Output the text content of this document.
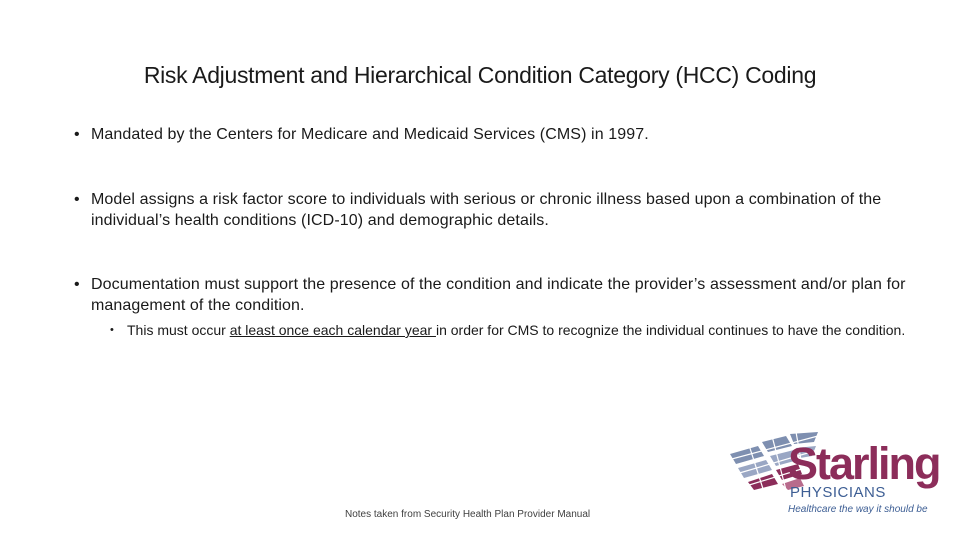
Risk Adjustment and Hierarchical Condition Category (HCC) Coding
• Mandated by the Centers for Medicare and Medicaid Services (CMS) in 1997.
• Model assigns a risk factor score to individuals with serious or chronic illness based upon a combination of the individual’s health conditions (ICD-10) and demographic details.
• Documentation must support the presence of the condition and indicate the provider’s assessment and/or plan for management of the condition.
• This must occur at least once each calendar year in order for CMS to recognize the individual continues to have the condition.
Notes taken from Security Health Plan Provider Manual
Starling
PHYSICIANS
Healthcare the way it should be
